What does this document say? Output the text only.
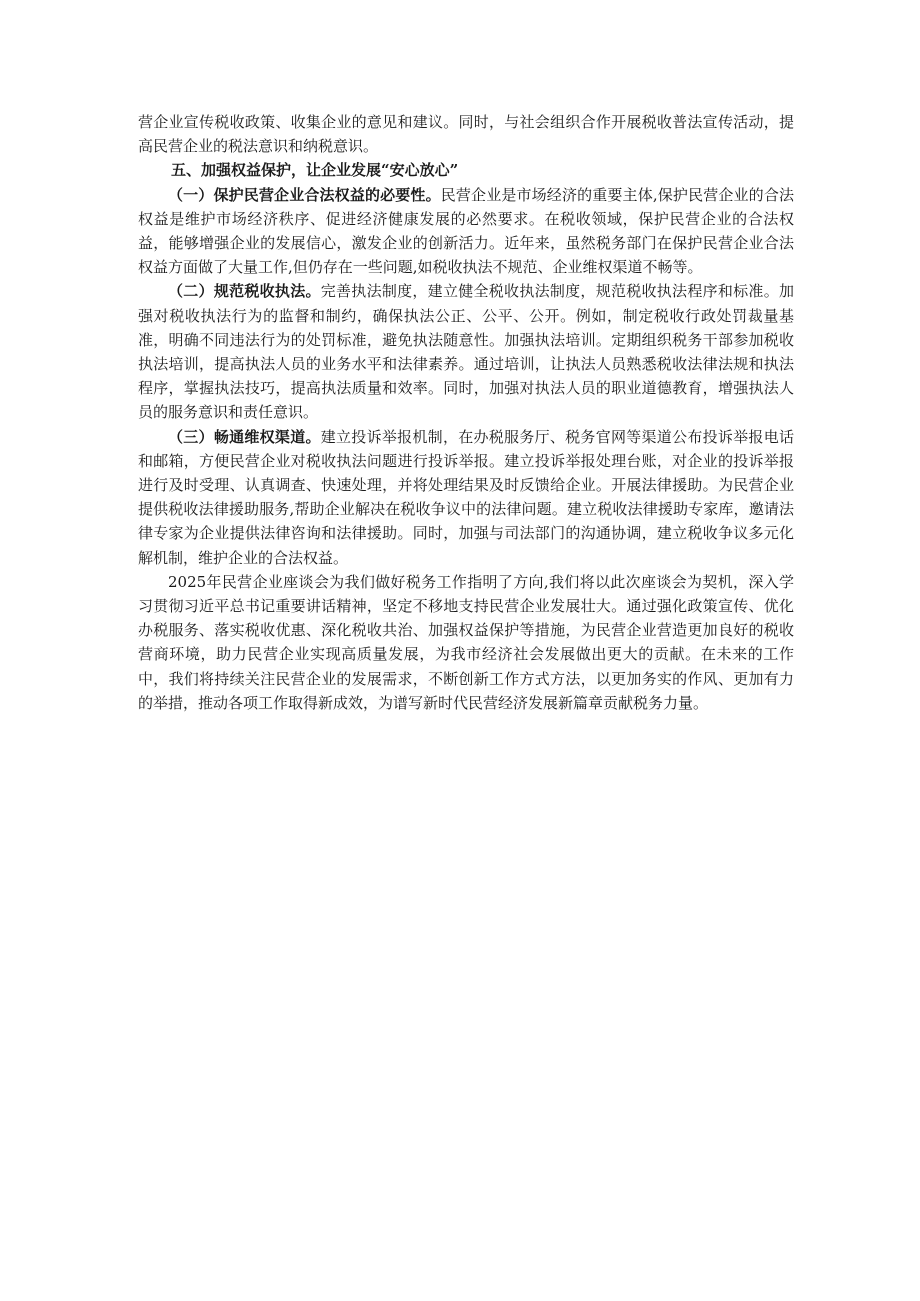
营企业宣传税收政策、收集企业的意见和建议。同时，与社会组织合作开展税收普法宣传活动，提高民营企业的税法意识和纳税意识。

五、加强权益保护，让企业发展“安心放心”

（一）保护民营企业合法权益的必要性。民营企业是市场经济的重要主体,保护民营企业的合法权益是维护市场经济秩序、促进经济健康发展的必然要求。在税收领域，保护民营企业的合法权益，能够增强企业的发展信心，激发企业的创新活力。近年来，虽然税务部门在保护民营企业合法权益方面做了大量工作,但仍存在一些问题,如税收执法不规范、企业维权渠道不畅等。

（二）规范税收执法。完善执法制度，建立健全税收执法制度，规范税收执法程序和标准。加强对税收执法行为的监督和制约，确保执法公正、公平、公开。例如，制定税收行政处罚裁量基准，明确不同违法行为的处罚标准，避免执法随意性。加强执法培训。定期组织税务干部参加税收执法培训，提高执法人员的业务水平和法律素养。通过培训，让执法人员熟悉税收法律法规和执法程序，掌握执法技巧，提高执法质量和效率。同时，加强对执法人员的职业道德教育，增强执法人员的服务意识和责任意识。

（三）畅通维权渠道。建立投诉举报机制，在办税服务厅、税务官网等渠道公布投诉举报电话和邮箱，方便民营企业对税收执法问题进行投诉举报。建立投诉举报处理台账，对企业的投诉举报进行及时受理、认真调查、快速处理，并将处理结果及时反馈给企业。开展法律援助。为民营企业提供税收法律援助服务,帮助企业解决在税收争议中的法律问题。建立税收法律援助专家库，邀请法律专家为企业提供法律咨询和法律援助。同时，加强与司法部门的沟通协调，建立税收争议多元化解机制，维护企业的合法权益。

2025年民营企业座谈会为我们做好税务工作指明了方向,我们将以此次座谈会为契机，深入学习贯彻习近平总书记重要讲话精神，坚定不移地支持民营企业发展壮大。通过强化政策宣传、优化办税服务、落实税收优惠、深化税收共治、加强权益保护等措施，为民营企业营造更加良好的税收营商环境，助力民营企业实现高质量发展，为我市经济社会发展做出更大的贡献。在未来的工作中，我们将持续关注民营企业的发展需求，不断创新工作方式方法，以更加务实的作风、更加有力的举措，推动各项工作取得新成效，为谱写新时代民营经济发展新篇章贡献税务力量。
